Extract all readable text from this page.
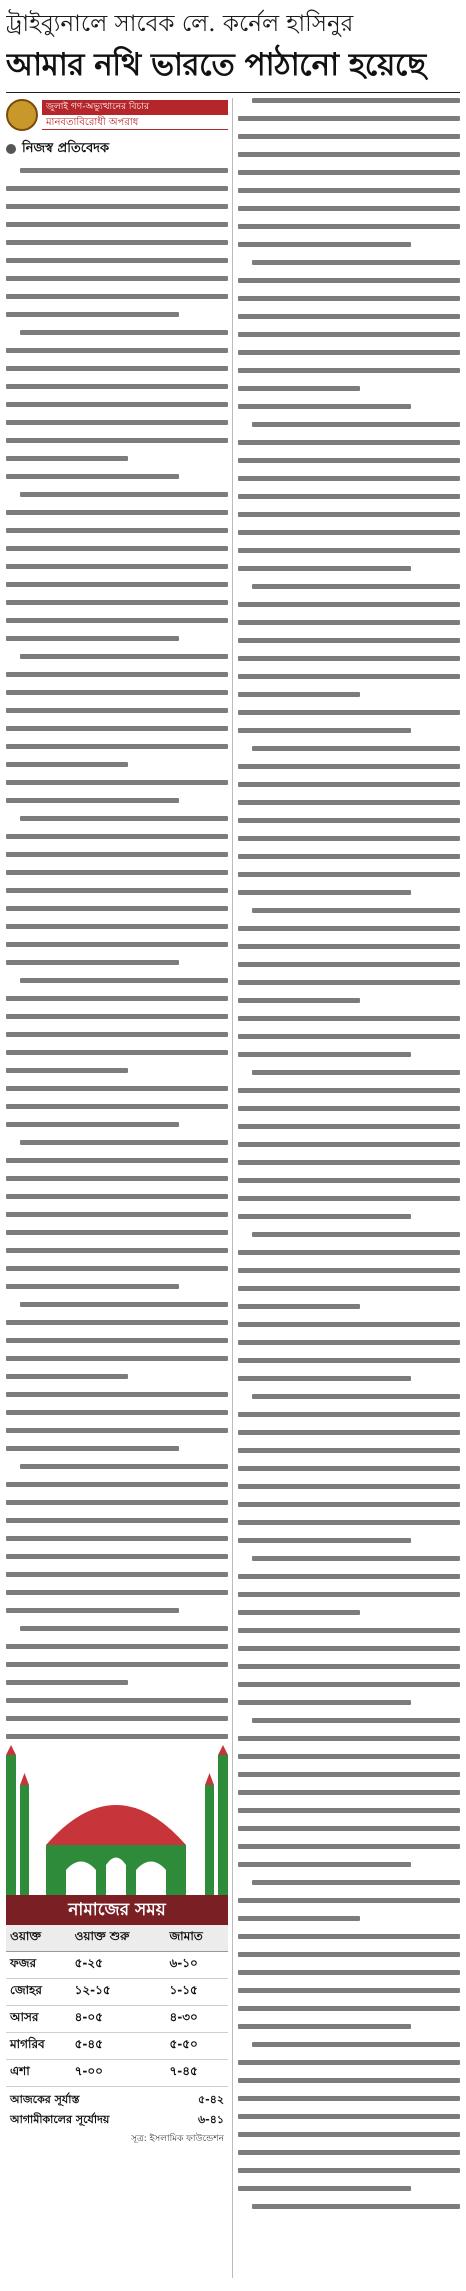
ট্রাইব্যুনালে সাবেক লে. কর্নেল হাসিনুর
আমার নথি ভারতে পাঠানো হয়েছে
জুলাই গণ-অভ্যুত্থানের বিচার
মানবতাবিরোধী অপরাধ
নিজস্ব প্রতিবেদক
নামাজের সময়
ওয়াক্ত	ওয়াক্ত শুরু	জামাত
ফজর	৫-২৫	৬-১০
জোহর	১২-১৫	১-১৫
আসর	৪-০৫	৪-৩০
মাগরিব	৫-৪৫	৫-৫০
এশা	৭-০০	৭-৪৫
আজকের সূর্যাস্ত	৫-৪২
আগামীকালের সূর্যোদয়	৬-৪১
সূত্র: ইসলামিক ফাউন্ডেশন
